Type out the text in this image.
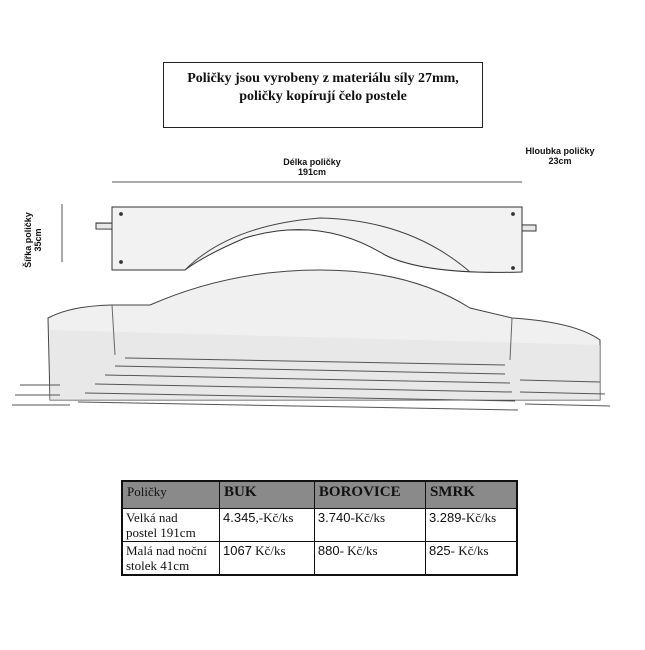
Poličky jsou vyrobeny z materiálu síly 27mm,
poličky kopírují čelo postele
Délka poličky
191cm
Hloubka poličky
23cm
Šířka poličky 35cm
Poličky	BUK	BOROVICE	SMRK

Velká nad
postel 191cm	4.345,-Kč/ks	3.740-Kč/ks	3.289-Kč/ks

Malá nad noční
stolek 41cm	1067 Kč/ks	880- Kč/ks	825- Kč/ks
